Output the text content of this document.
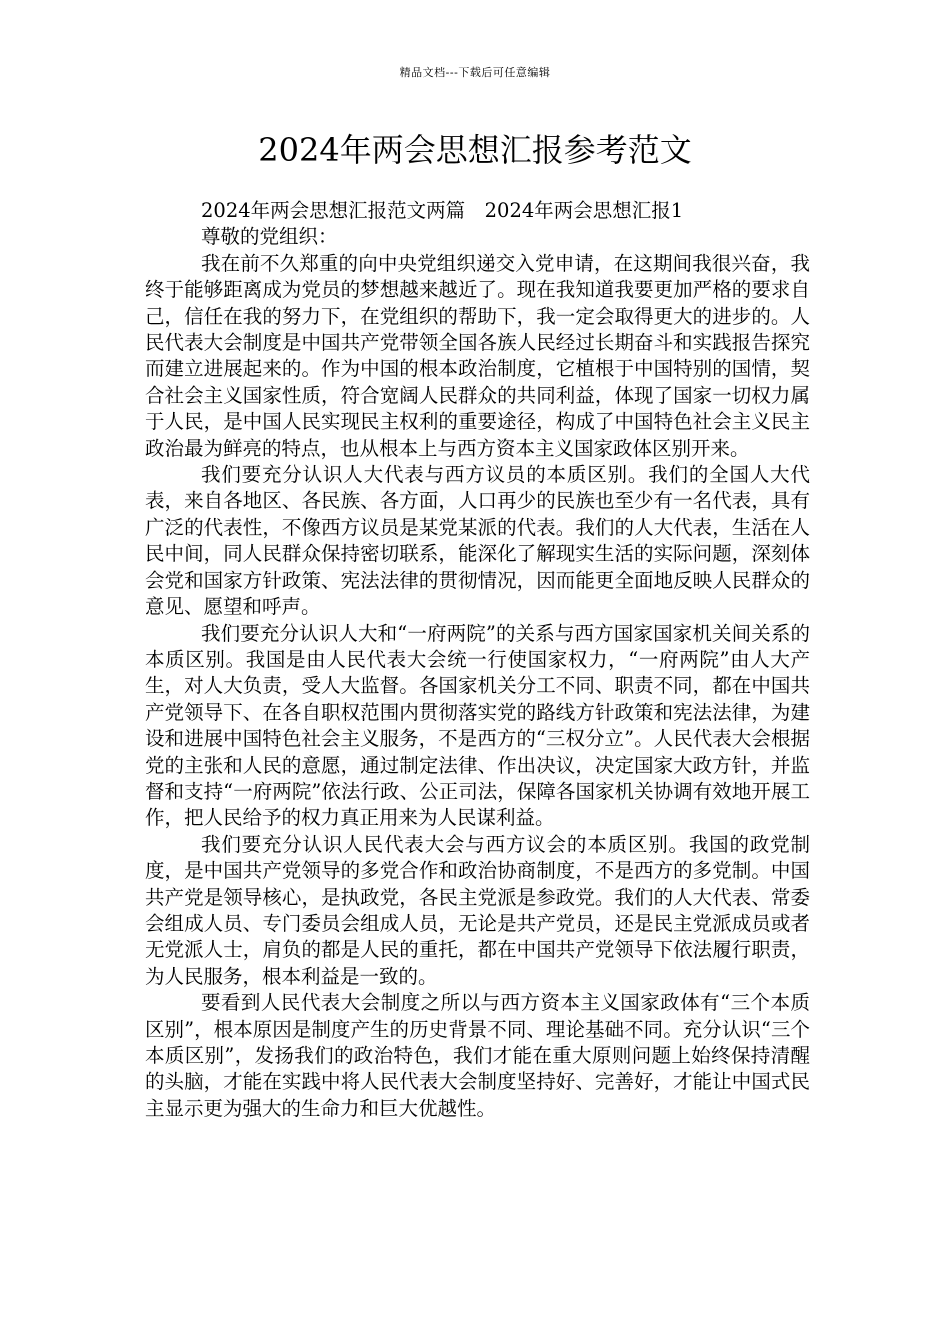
精品文档---下载后可任意编辑
2024年两会思想汇报参考范文

2024年两会思想汇报范文两篇　2024年两会思想汇报1

尊敬的党组织：

我在前不久郑重的向中央党组织递交入党申请，在这期间我很兴奋，我终于能够距离成为党员的梦想越来越近了。现在我知道我要更加严格的要求自己，信任在我的努力下，在党组织的帮助下，我一定会取得更大的进步的。人民代表大会制度是中国共产党带领全国各族人民经过长期奋斗和实践报告探究而建立进展起来的。作为中国的根本政治制度，它植根于中国特别的国情，契合社会主义国家性质，符合宽阔人民群众的共同利益，体现了国家一切权力属于人民，是中国人民实现民主权利的重要途径，构成了中国特色社会主义民主政治最为鲜亮的特点，也从根本上与西方资本主义国家政体区别开来。

我们要充分认识人大代表与西方议员的本质区别。我们的全国人大代表，来自各地区、各民族、各方面，人口再少的民族也至少有一名代表，具有广泛的代表性，不像西方议员是某党某派的代表。我们的人大代表，生活在人民中间，同人民群众保持密切联系，能深化了解现实生活的实际问题，深刻体会党和国家方针政策、宪法法律的贯彻情况，因而能更全面地反映人民群众的意见、愿望和呼声。

我们要充分认识人大和“一府两院”的关系与西方国家国家机关间关系的本质区别。我国是由人民代表大会统一行使国家权力，“一府两院”由人大产生，对人大负责，受人大监督。各国家机关分工不同、职责不同，都在中国共产党领导下、在各自职权范围内贯彻落实党的路线方针政策和宪法法律，为建设和进展中国特色社会主义服务，不是西方的“三权分立”。人民代表大会根据党的主张和人民的意愿，通过制定法律、作出决议，决定国家大政方针，并监督和支持“一府两院”依法行政、公正司法，保障各国家机关协调有效地开展工作，把人民给予的权力真正用来为人民谋利益。

我们要充分认识人民代表大会与西方议会的本质区别。我国的政党制度，是中国共产党领导的多党合作和政治协商制度，不是西方的多党制。中国共产党是领导核心，是执政党，各民主党派是参政党。我们的人大代表、常委会组成人员、专门委员会组成人员，无论是共产党员，还是民主党派成员或者无党派人士，肩负的都是人民的重托，都在中国共产党领导下依法履行职责，为人民服务，根本利益是一致的。

要看到人民代表大会制度之所以与西方资本主义国家政体有“三个本质区别”，根本原因是制度产生的历史背景不同、理论基础不同。充分认识“三个本质区别”，发扬我们的政治特色，我们才能在重大原则问题上始终保持清醒的头脑，才能在实践中将人民代表大会制度坚持好、完善好，才能让中国式民主显示更为强大的生命力和巨大优越性。
